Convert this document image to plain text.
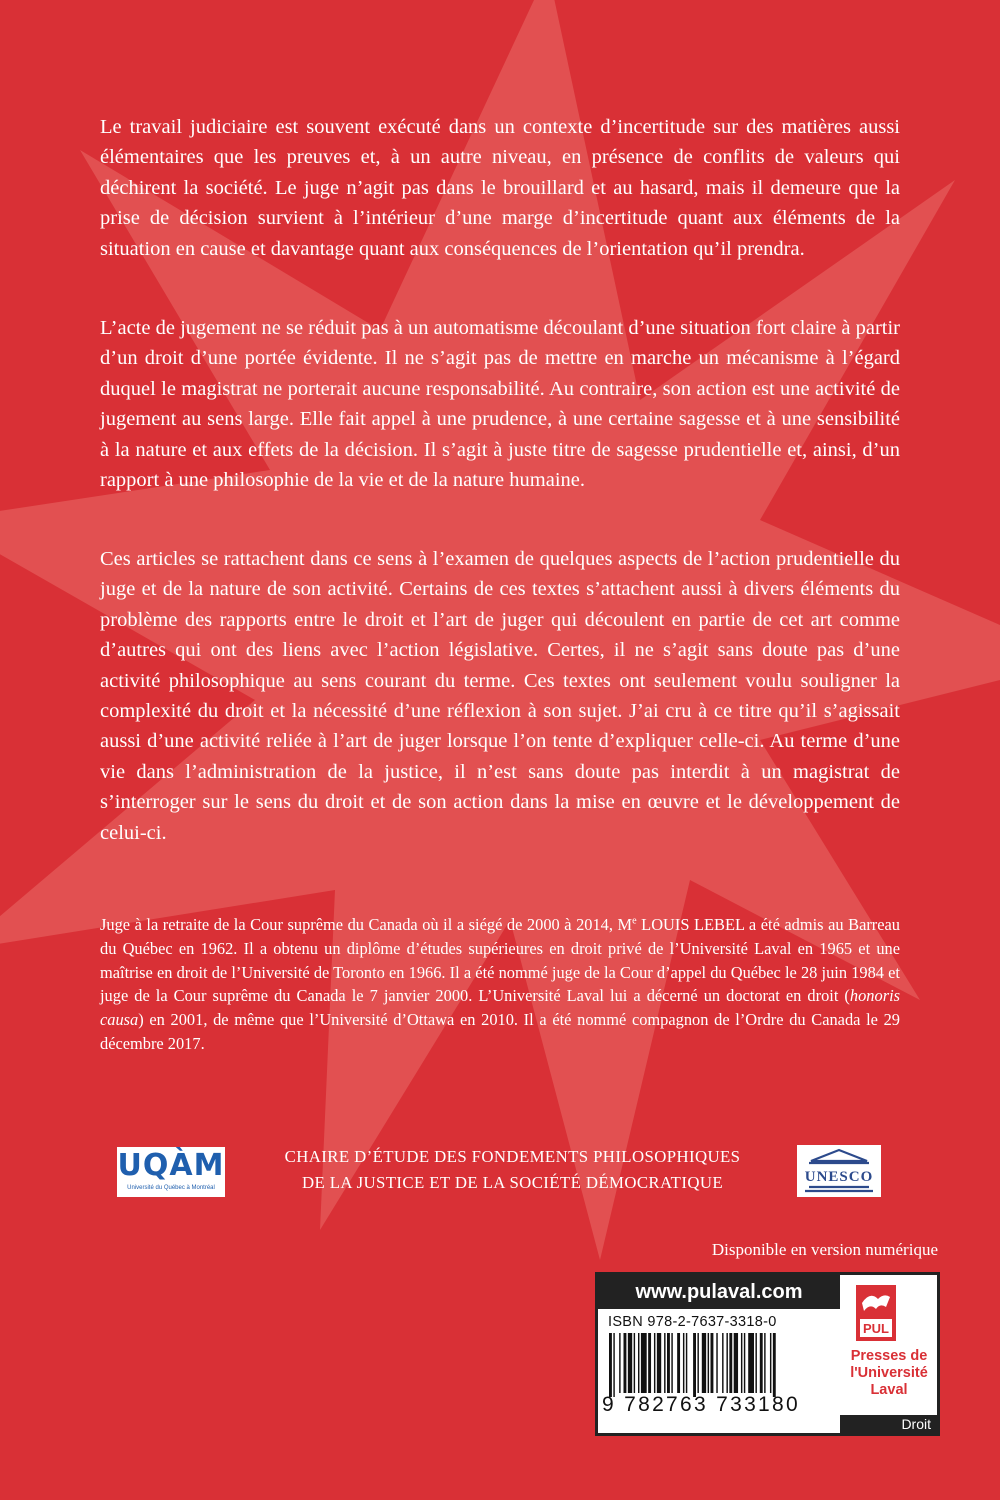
Le travail judiciaire est souvent exécuté dans un contexte d’incertitude sur des matières aussi élémentaires que les preuves et, à un autre niveau, en présence de conflits de valeurs qui déchirent la société. Le juge n’agit pas dans le brouillard et au hasard, mais il demeure que la prise de décision survient à l’intérieur d’une marge d’incertitude quant aux éléments de la situation en cause et davantage quant aux conséquences de l’orientation qu’il prendra.

L’acte de jugement ne se réduit pas à un automatisme découlant d’une situation fort claire à partir d’un droit d’une portée évidente. Il ne s’agit pas de mettre en marche un mécanisme à l’égard duquel le magistrat ne porterait aucune responsabilité. Au contraire, son action est une activité de jugement au sens large. Elle fait appel à une prudence, à une certaine sagesse et à une sensibilité à la nature et aux effets de la décision. Il s’agit à juste titre de sagesse prudentielle et, ainsi, d’un rapport à une philosophie de la vie et de la nature humaine.

Ces articles se rattachent dans ce sens à l’examen de quelques aspects de l’action prudentielle du juge et de la nature de son activité. Certains de ces textes s’attachent aussi à divers éléments du problème des rapports entre le droit et l’art de juger qui découlent en partie de cet art comme d’autres qui ont des liens avec l’action législative. Certes, il ne s’agit sans doute pas d’une activité philosophique au sens courant du terme. Ces textes ont seulement voulu souligner la complexité du droit et la nécessité d’une réflexion à son sujet. J’ai cru à ce titre qu’il s’agissait aussi d’une activité reliée à l’art de juger lorsque l’on tente d’expliquer celle-ci. Au terme d’une vie dans l’administration de la justice, il n’est sans doute pas interdit à un magistrat de s’interroger sur le sens du droit et de son action dans la mise en œuvre et le développement de celui-ci.

Juge à la retraite de la Cour suprême du Canada où il a siégé de 2000 à 2014, Me LOUIS LEBEL a été admis au Barreau du Québec en 1962. Il a obtenu un diplôme d’études supérieures en droit privé de l’Université Laval en 1965 et une maîtrise en droit de l’Université de Toronto en 1966. Il a été nommé juge de la Cour d’appel du Québec le 28 juin 1984 et juge de la Cour suprême du Canada le 7 janvier 2000. L’Université Laval lui a décerné un doctorat en droit (honoris causa) en 2001, de même que l’Université d’Ottawa en 2010. Il a été nommé compagnon de l’Ordre du Canada le 29 décembre 2017.

UQÀM
Université du Québec à Montréal

CHAIRE D’ÉTUDE DES FONDEMENTS PHILOSOPHIQUES
DE LA JUSTICE ET DE LA SOCIÉTÉ DÉMOCRATIQUE	UNESCO

Disponible en version numérique

www.pulaval.com
ISBN 978-2-7637-3318-0
9 782763 733180
PUL
Presses de
l'Université
Laval
Droit
